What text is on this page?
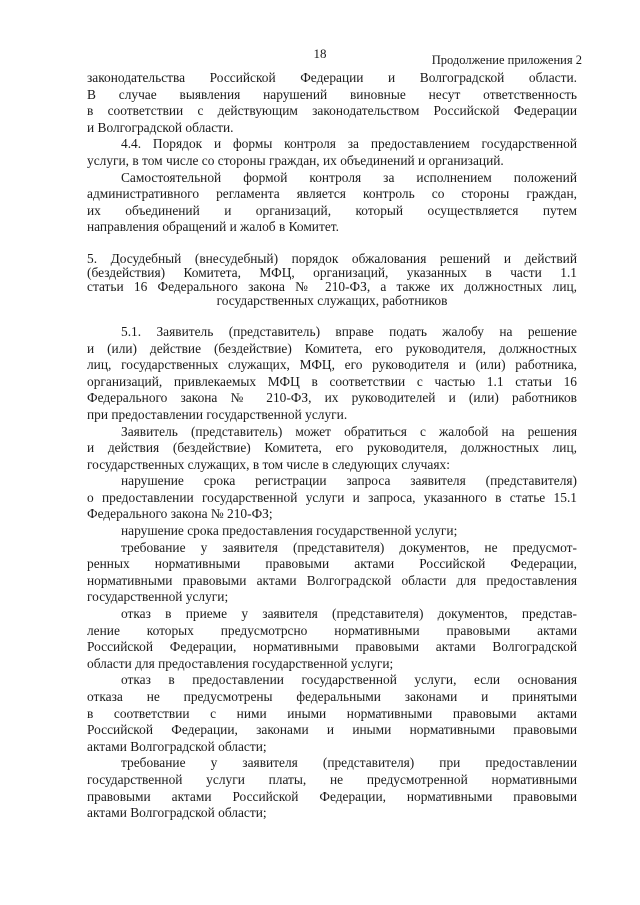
18	Продолжение приложения 2
законодательства Российской Федерации и Волгоградской области.
В случае выявления нарушений виновные несут ответственность
в соответствии с действующим законодательством Российской Федерации
и Волгоградской области.
4.4. Порядок и формы контроля за предоставлением государственной
услуги, в том числе со стороны граждан, их объединений и организаций.
Самостоятельной формой контроля за исполнением положений
административного регламента является контроль со стороны граждан,
их объединений и организаций, который осуществляется путем
направления обращений и жалоб в Комитет.
5. Досудебный (внесудебный) порядок обжалования решений и действий
(бездействия) Комитета, МФЦ, организаций, указанных в части 1.1
статьи 16 Федерального закона № 210-ФЗ, а также их должностных лиц,
государственных служащих, работников
5.1. Заявитель (представитель) вправе подать жалобу на решение
и (или) действие (бездействие) Комитета, его руководителя, должностных
лиц, государственных служащих, МФЦ, его руководителя и (или) работника,
организаций, привлекаемых МФЦ в соответствии с частью 1.1 статьи 16
Федерального закона № 210-ФЗ, их руководителей и (или) работников
при предоставлении государственной услуги.
Заявитель (представитель) может обратиться с жалобой на решения
и действия (бездействие) Комитета, его руководителя, должностных лиц,
государственных служащих, в том числе в следующих случаях:
нарушение срока регистрации запроса заявителя (представителя)
о предоставлении государственной услуги и запроса, указанного в статье 15.1
Федерального закона № 210-ФЗ;
нарушение срока предоставления государственной услуги;
требование у заявителя (представителя) документов, не предусмот-
ренных нормативными правовыми актами Российской Федерации,
нормативными правовыми актами Волгоградской области для предоставления
государственной услуги;
отказ в приеме у заявителя (представителя) документов, представ-
ление которых предусмотрсно нормативными правовыми актами
Российской Федерации, нормативными правовыми актами Волгоградской
области для предоставления государственной услуги;
отказ в предоставлении государственной услуги, если основания
отказа не предусмотрены федеральными законами и принятыми
в соответствии с ними иными нормативными правовыми актами
Российской Федерации, законами и иными нормативными правовыми
актами Волгоградской области;
требование у заявителя (представителя) при предоставлении
государственной услуги платы, не предусмотренной нормативными
правовыми актами Российской Федерации, нормативными правовыми
актами Волгоградской области;
